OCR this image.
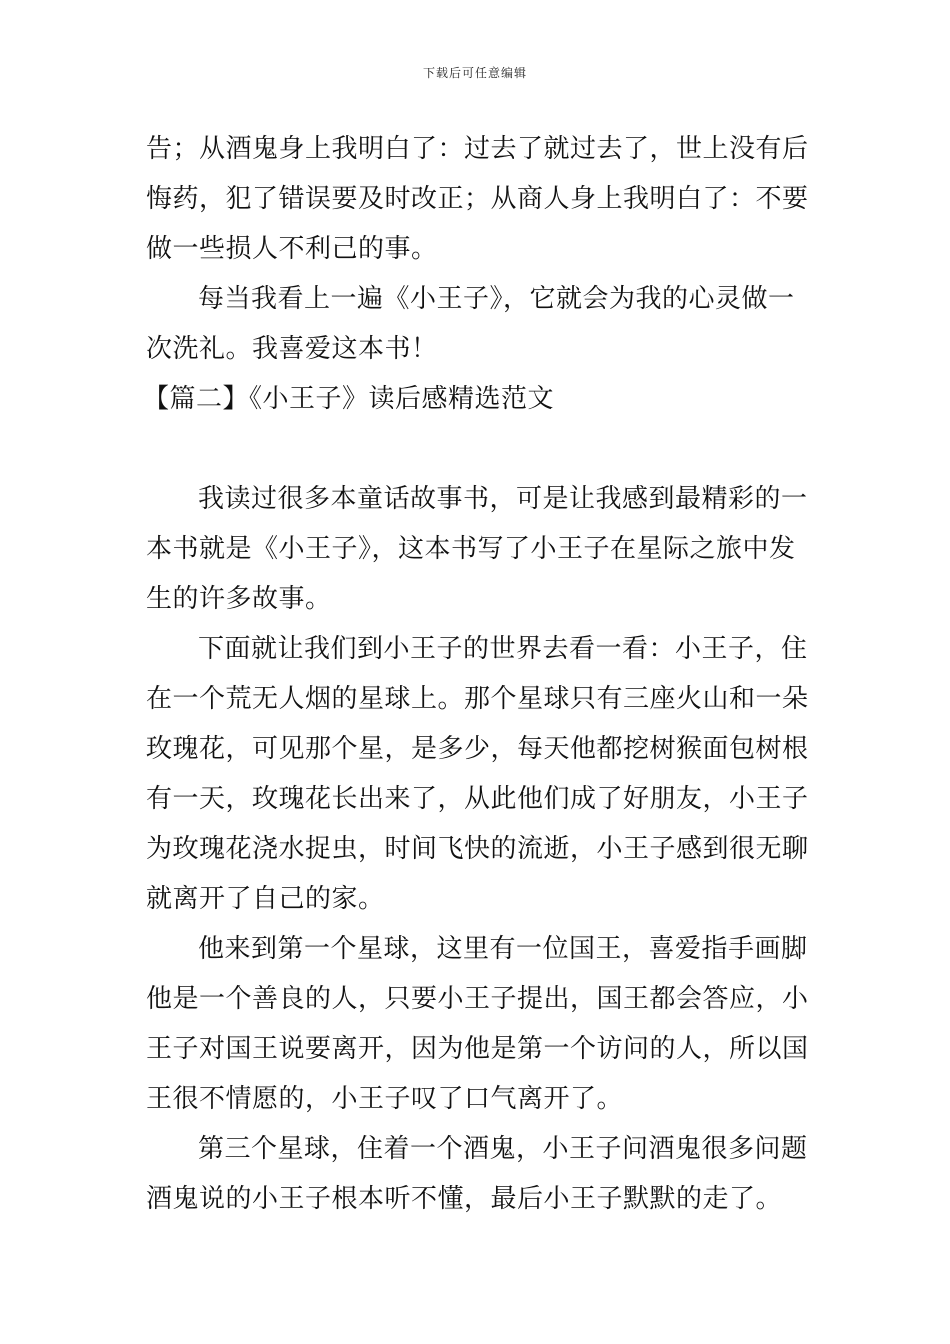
下载后可任意编辑
告；从酒鬼身上我明白了：过去了就过去了，世上没有后
悔药，犯了错误要及时改正；从商人身上我明白了：不要
做一些损人不利己的事。
每当我看上一遍《小王子》，它就会为我的心灵做一
次洗礼。我喜爱这本书！
【篇二】《小王子》读后感精选范文
我读过很多本童话故事书，可是让我感到最精彩的一
本书就是《小王子》，这本书写了小王子在星际之旅中发
生的许多故事。
下面就让我们到小王子的世界去看一看：小王子，住
在一个荒无人烟的星球上。那个星球只有三座火山和一朵
玫瑰花，可见那个星，是多少，每天他都挖树猴面包树根
有一天，玫瑰花长出来了，从此他们成了好朋友，小王子
为玫瑰花浇水捉虫，时间飞快的流逝，小王子感到很无聊
就离开了自己的家。
他来到第一个星球，这里有一位国王，喜爱指手画脚
他是一个善良的人，只要小王子提出，国王都会答应，小
王子对国王说要离开，因为他是第一个访问的人，所以国
王很不情愿的，小王子叹了口气离开了。
第三个星球，住着一个酒鬼，小王子问酒鬼很多问题
酒鬼说的小王子根本听不懂，最后小王子默默的走了。
